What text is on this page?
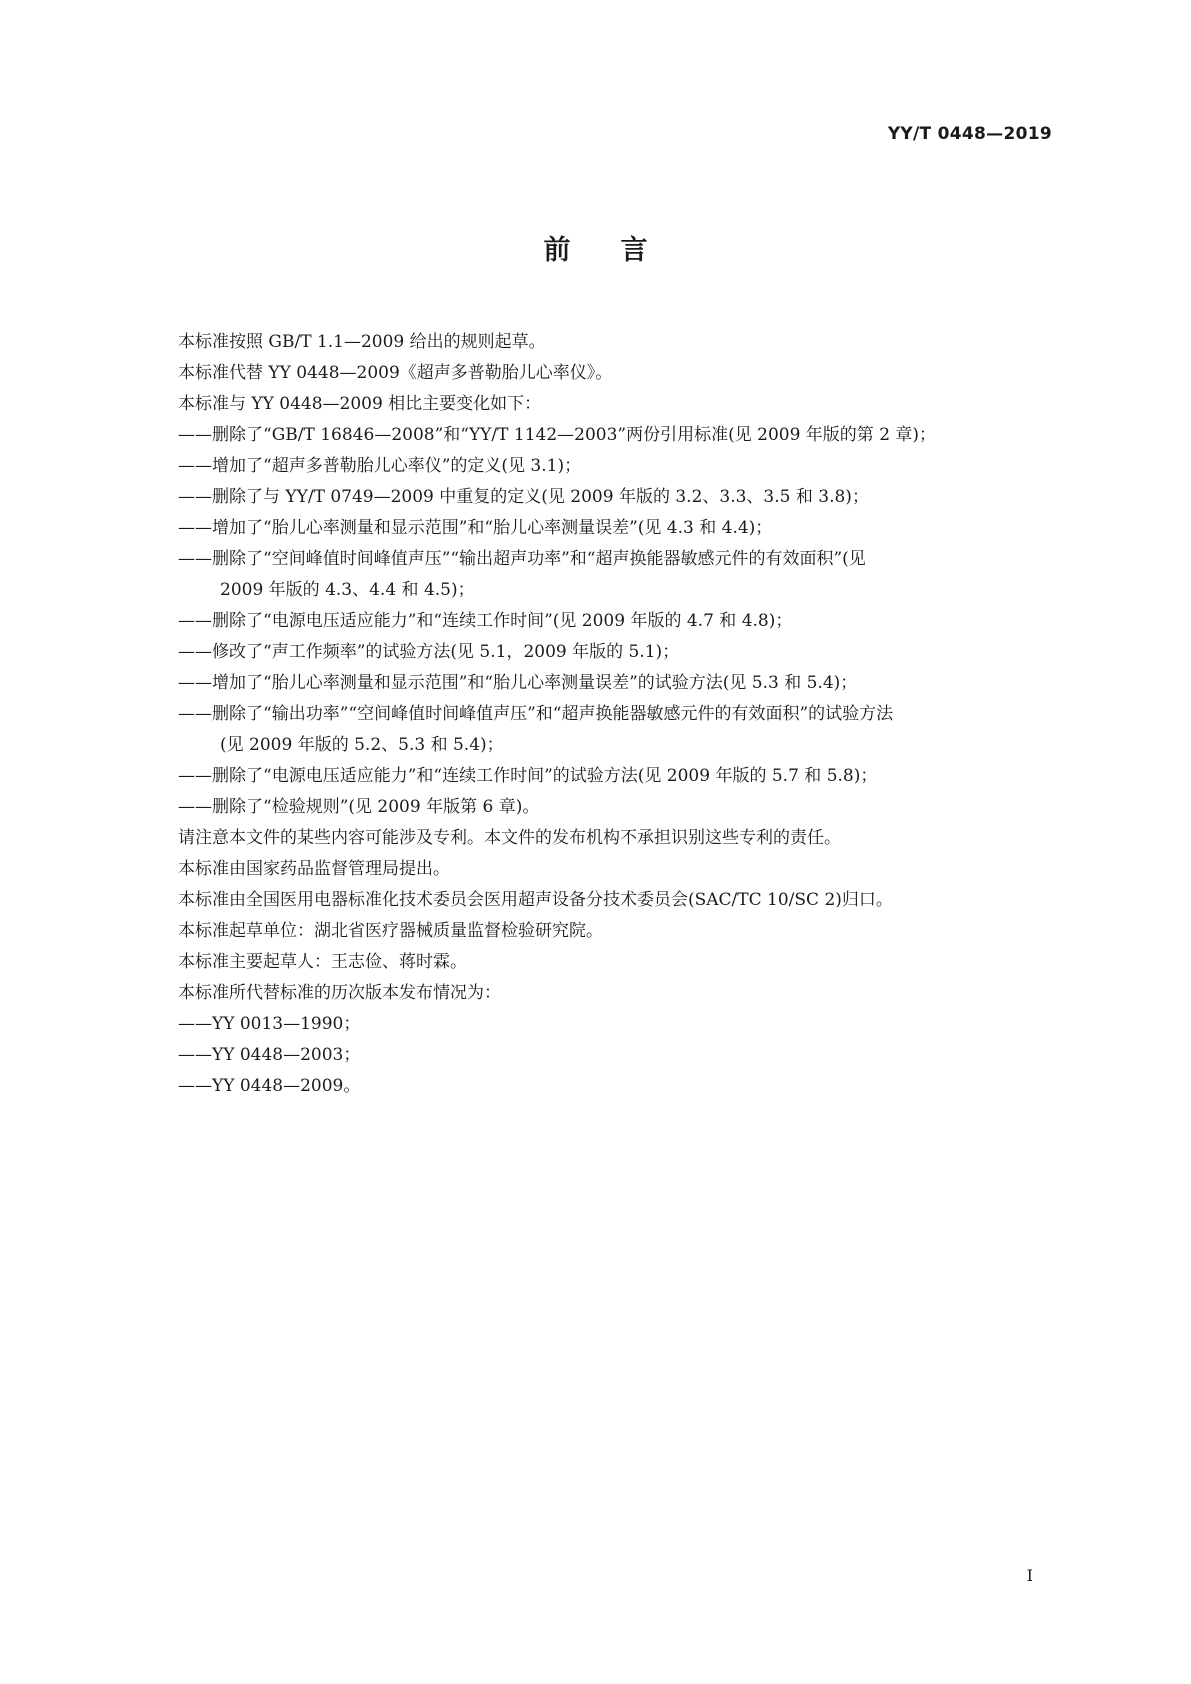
YY/T 0448—2019
前言
本标准按照 GB/T 1.1—2009 给出的规则起草。
本标准代替 YY 0448—2009《超声多普勒胎儿心率仪》。
本标准与 YY 0448—2009 相比主要变化如下：
——删除了“GB/T 16846—2008”和“YY/T 1142—2003”两份引用标准(见 2009 年版的第 2 章)；
——增加了“超声多普勒胎儿心率仪”的定义(见 3.1)；
——删除了与 YY/T 0749—2009 中重复的定义(见 2009 年版的 3.2、3.3、3.5 和 3.8)；
——增加了“胎儿心率测量和显示范围”和“胎儿心率测量误差”(见 4.3 和 4.4)；
——删除了“空间峰值时间峰值声压”“输出超声功率”和“超声换能器敏感元件的有效面积”(见
2009 年版的 4.3、4.4 和 4.5)；
——删除了“电源电压适应能力”和“连续工作时间”(见 2009 年版的 4.7 和 4.8)；
——修改了“声工作频率”的试验方法(见 5.1，2009 年版的 5.1)；
——增加了“胎儿心率测量和显示范围”和“胎儿心率测量误差”的试验方法(见 5.3 和 5.4)；
——删除了“输出功率”“空间峰值时间峰值声压”和“超声换能器敏感元件的有效面积”的试验方法
(见 2009 年版的 5.2、5.3 和 5.4)；
——删除了“电源电压适应能力”和“连续工作时间”的试验方法(见 2009 年版的 5.7 和 5.8)；
——删除了“检验规则”(见 2009 年版第 6 章)。
请注意本文件的某些内容可能涉及专利。本文件的发布机构不承担识别这些专利的责任。
本标准由国家药品监督管理局提出。
本标准由全国医用电器标准化技术委员会医用超声设备分技术委员会(SAC/TC 10/SC 2)归口。
本标准起草单位：湖北省医疗器械质量监督检验研究院。
本标准主要起草人：王志俭、蒋时霖。
本标准所代替标准的历次版本发布情况为：
——YY 0013—1990；
——YY 0448—2003；
——YY 0448—2009。
I
